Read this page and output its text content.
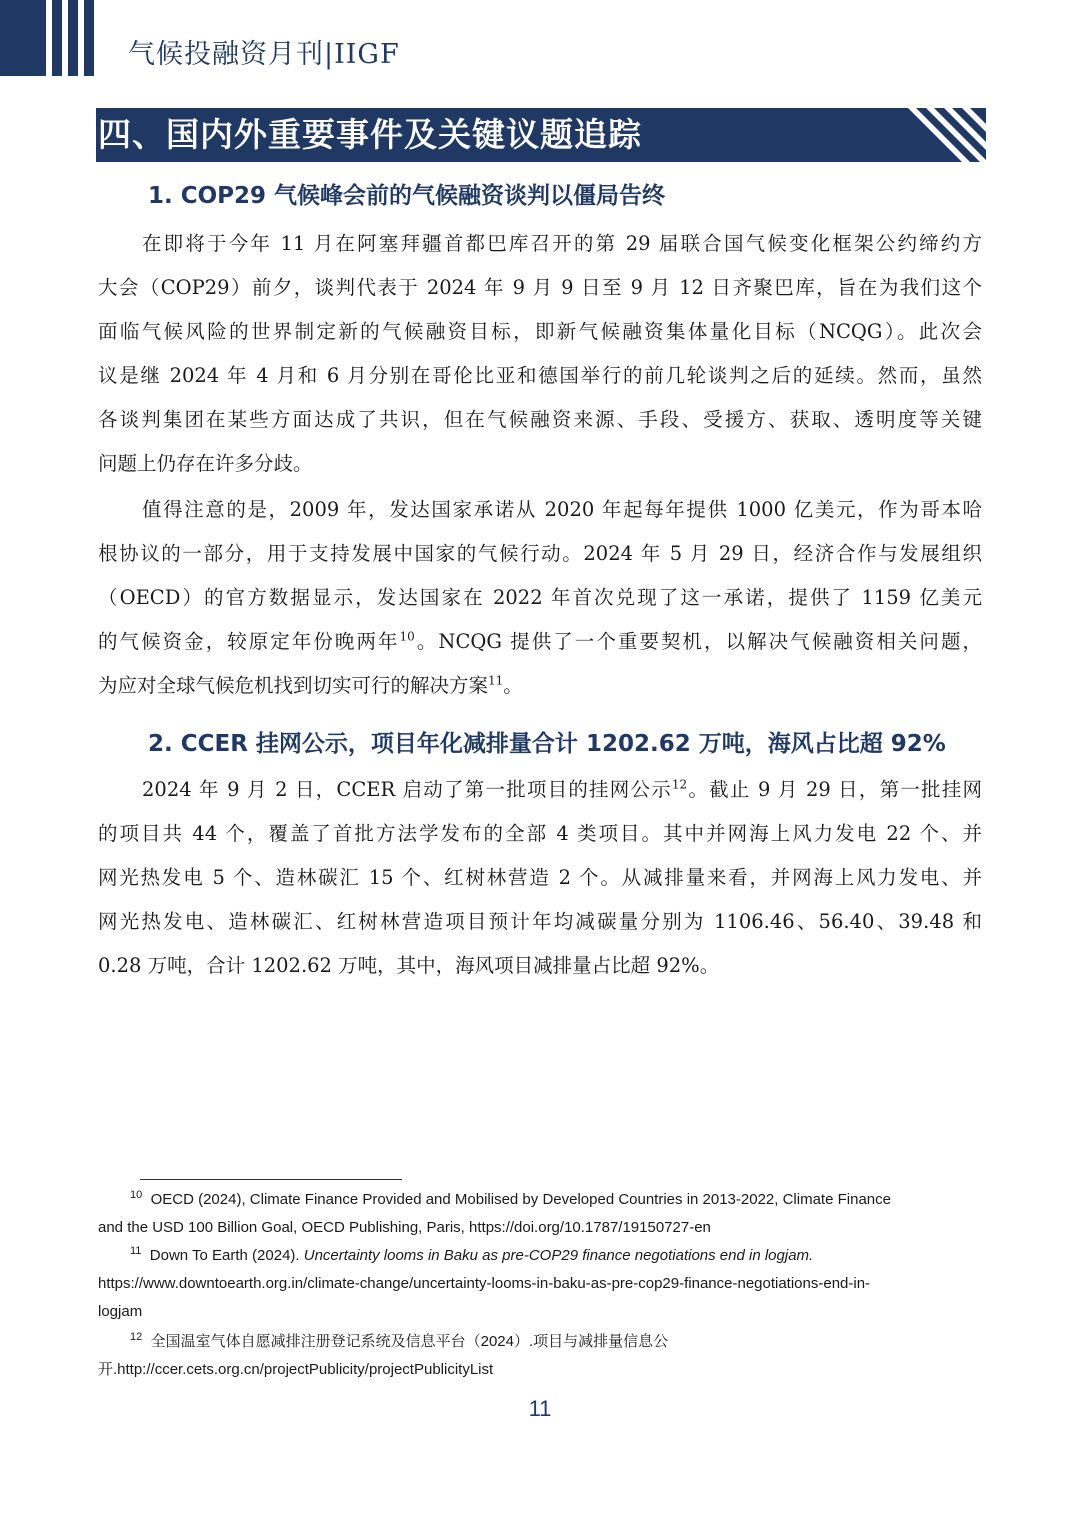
气候投融资月刊|IIGF
四、国内外重要事件及关键议题追踪
1. COP29 气候峰会前的气候融资谈判以僵局告终
在即将于今年 11 月在阿塞拜疆首都巴库召开的第 29 届联合国气候变化框架公约缔约方
大会（COP29）前夕，谈判代表于 2024 年 9 月 9 日至 9 月 12 日齐聚巴库，旨在为我们这个
面临气候风险的世界制定新的气候融资目标，即新气候融资集体量化目标（NCQG）。此次会
议是继 2024 年 4 月和 6 月分别在哥伦比亚和德国举行的前几轮谈判之后的延续。然而，虽然
各谈判集团在某些方面达成了共识，但在气候融资来源、手段、受援方、获取、透明度等关键
问题上仍存在许多分歧。
值得注意的是，2009 年，发达国家承诺从 2020 年起每年提供 1000 亿美元，作为哥本哈
根协议的一部分，用于支持发展中国家的气候行动。2024 年 5 月 29 日，经济合作与发展组织
（OECD）的官方数据显示，发达国家在 2022 年首次兑现了这一承诺，提供了 1159 亿美元
的气候资金，较原定年份晚两年$^{10}$。NCQG 提供了一个重要契机，以解决气候融资相关问题，
为应对全球气候危机找到切实可行的解决方案$^{11}$。
2. CCER 挂网公示，项目年化减排量合计 1202.62 万吨，海风占比超 92%
2024 年 9 月 2 日，CCER 启动了第一批项目的挂网公示$^{12}$。截止 9 月 29 日，第一批挂网
的项目共 44 个，覆盖了首批方法学发布的全部 4 类项目。其中并网海上风力发电 22 个、并
网光热发电 5 个、造林碳汇 15 个、红树林营造 2 个。从减排量来看，并网海上风力发电、并
网光热发电、造林碳汇、红树林营造项目预计年均减碳量分别为 1106.46、56.40、39.48 和
0.28 万吨，合计 1202.62 万吨，其中，海风项目减排量占比超 92%。
$^{10}$ OECD (2024), Climate Finance Provided and Mobilised by Developed Countries in 2013-2022, Climate Finance
and the USD 100 Billion Goal, OECD Publishing, Paris, https://doi.org/10.1787/19150727-en
$^{11}$ Down To Earth (2024). Uncertainty looms in Baku as pre-COP29 finance negotiations end in logjam.
https://www.downtoearth.org.in/climate-change/uncertainty-looms-in-baku-as-pre-cop29-finance-negotiations-end-in-
logjam
$^{12}$ 全国温室气体自愿减排注册登记系统及信息平台（2024）.项目与减排量信息公
开.http://ccer.cets.org.cn/projectPublicity/projectPublicityList
11
